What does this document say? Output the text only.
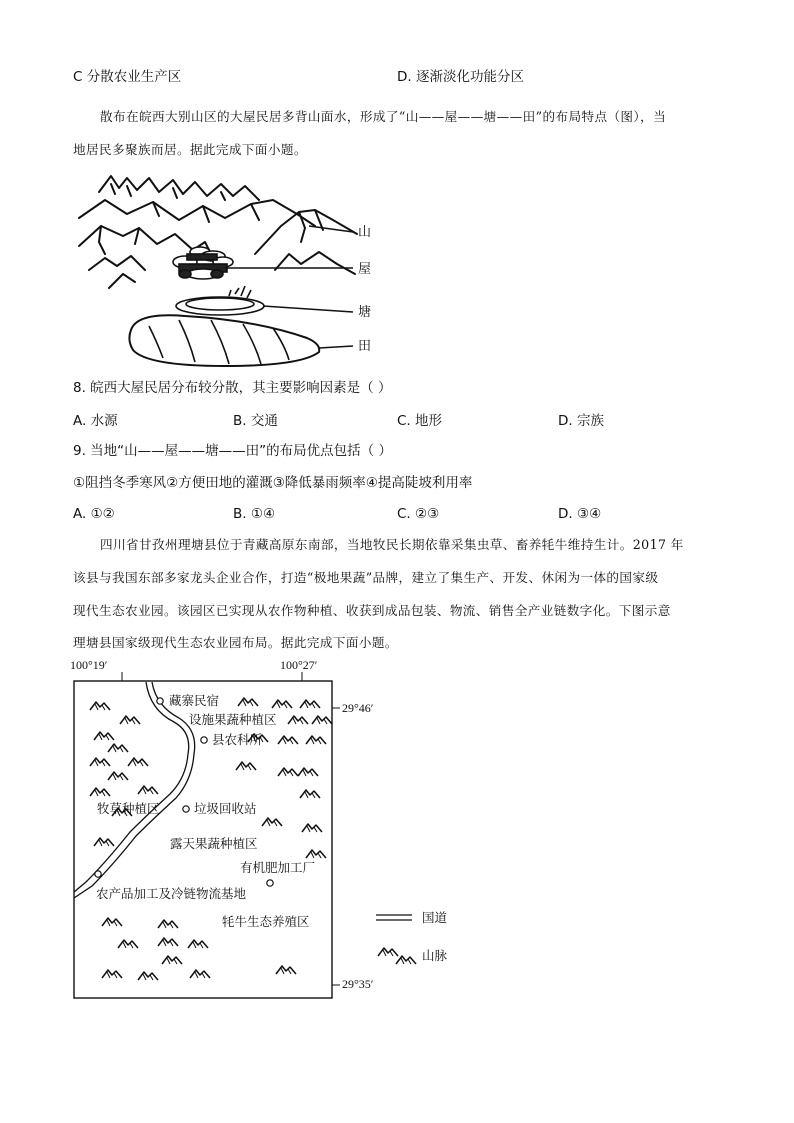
C 分散农业生产区	D. 逐渐淡化功能分区
散布在皖西大别山区的大屋民居多背山面水，形成了“山——屋——塘——田”的布局特点（图），当
地居民多聚族而居。据此完成下面小题。
山
屋
塘
田
8. 皖西大屋民居分布较分散，其主要影响因素是（ ）
A. 水源	B. 交通	C. 地形	D. 宗族
9. 当地“山——屋——塘——田”的布局优点包括（ ）
①阻挡冬季寒风②方便田地的灌溉③降低暴雨频率④提高陡坡利用率
A. ①②	B. ①④	C. ②③	D. ③④
四川省甘孜州理塘县位于青藏高原东南部，当地牧民长期依靠采集虫草、畜养牦牛维持生计。2017 年
该县与我国东部多家龙头企业合作，打造“极地果蔬”品牌，建立了集生产、开发、休闲为一体的国家级
现代生态农业园。该园区已实现从农作物种植、收获到成品包装、物流、销售全产业链数字化。下图示意
理塘县国家级现代生态农业园布局。据此完成下面小题。
100°19′	100°27′
29°46′
29°35′
藏寨民宿
设施果蔬种植区
县农科所
牧草种植区	垃圾回收站
露天果蔬种植区
有机肥加工厂
农产品加工及冷链物流基地
牦牛生态养殖区	国道
山脉
